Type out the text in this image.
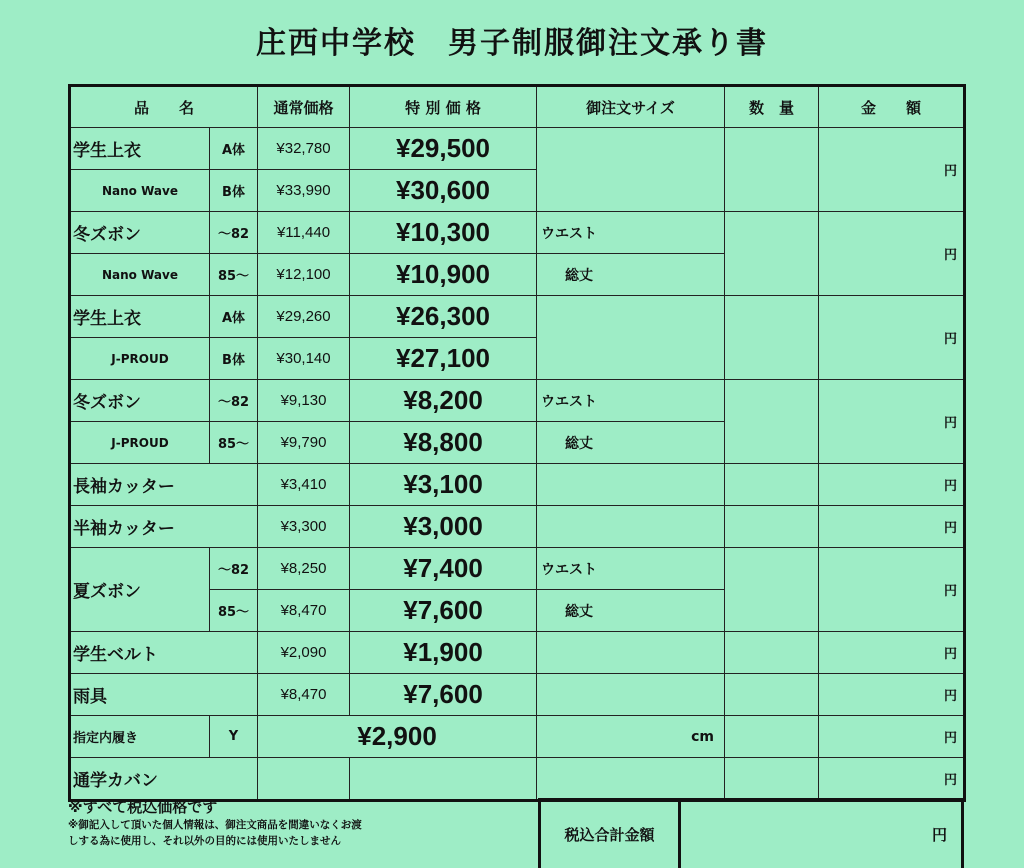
庄西中学校　男子制服御注文承り書
品　　名		通常価格	特 別 価 格	御注文サイズ	数　量	金　　額
学生上衣	A体	¥32,780	¥29,500			円
Nano Wave	B体	¥33,990	¥30,600			
冬ズボン	～82	¥11,440	¥10,300	ウエスト		円
Nano Wave	85～	¥12,100	¥10,900	総丈		
学生上衣	A体	¥29,260	¥26,300			円
J-PROUD	B体	¥30,140	¥27,100			
冬ズボン	～82	¥9,130	¥8,200	ウエスト		円
J-PROUD	85～	¥9,790	¥8,800	総丈		
長袖カッター		¥3,410	¥3,100			円
半袖カッター		¥3,300	¥3,000			円
夏ズボン	～82	¥8,250	¥7,400	ウエスト		円
	85～	¥8,470	¥7,600	総丈		
学生ベルト		¥2,090	¥1,900			円
雨具		¥8,470	¥7,600			円
指定内履き	Y	¥2,900		cm		円
通学カバン						円
※すべて税込価格です
※御記入して頂いた個人情報は、御注文商品を間違いなくお渡
しする為に使用し、それ以外の目的には使用いたしません	税込合計金額	円
